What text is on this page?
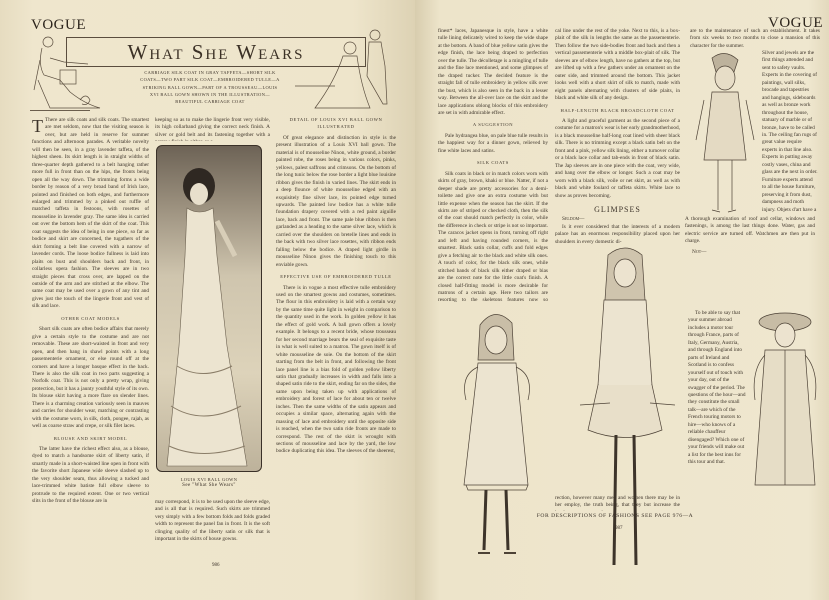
VOGUE
What She Wears
CARRIAGE SILK COAT IN GRAY TAFFETA—SHORT SILK COATS—TWO PART SILK COAT—EMBROIDERED TULLE—A STRIKING BALL GOWN—PART OF A TROUSSEAU—LOUIS XVI BALL GOWN SHOWN IN THE ILLUSTRATION—BEAUTIFUL CARRIAGE COAT

T There are silk coats and silk coats. The smartest are met seldom, now that the visiting season is over, but are held in reserve for summer functions and afternoon parades. A veritable novelty will then be seen, in a gray lavender taffeta, of the highest sheen. Its skirt length is in straight widths of three-quarter depth gathered to a belt hanging rather more full in front than on the hips, the fronts being open all the way down. The trimming forms a wide border by reason of a very broad band of Irish lace, pointed and finished on both edges, and furthermore enlarged and trimmed by a pinked out ruffle of matched taffeta in festoons, with rosettes of mousseline in lavender gray. The same idea is carried out over the bottom hem of the skirt of the coat. This coat suggests the idea of being in one piece, so far as bodice and skirt are concerned, the tugathers of the skirt forming a belt line covered with a narrow of lavender cords. The loose bodice fullness is laid into plaits on bust and shoulders back and front, in collarless opera fashion. The sleeves are in two straight pieces that cross over, are lapped on the outside of the arm and are stitched at the elbow. The same coat may be used over a gown of any tint and gives just the touch of the lingerie front and vest of silk and lace.

OTHER COAT MODELS

Short silk coats are often bodice affairs that merely give a certain style to the costume and are not removable. These are short-waisted in front and very open, and then hang in shawl points with a long passementerie ornament, or else round off at the corners and have a longer basque effect in the back. There is also the silk coat in two parts suggesting a Norfolk coat. This is not only a pretty wrap, giving protection, but it has a jaunty youthful style of its own. Its blouse skirt having a more flare on slender lines. There is a charming creation variously seen in mauves and carries for shoulder wear, matching or contrasting with the costume worn, in silk, cloth, pongee, rajah, as well as coarse straw and crepe, or silk filet laces.

BLOUSE AND SKIRT MODEL

The latter have the richest effect also, as a blouse, dyed to match a handsome skirt of liberty satin, if smartly made in a short-waisted line open in front with the favorite short Japanese wide sleeve slashed up to the very shoulder seam, thus allowing a tucked and lace-trimmed white batiste full elbow sleeve to protrude to the required extent. One or two vertical slits in the front of the blouse are in

keeping so as to make the lingerie front very visible, its high collarband giving the correct neck finish. A silver or gold belt and its fastening together with a

LOUIS XVI BALL GOWN
See "What She Wears"

may correspond, it is to be used upon the sleeve edge, and is all that is required. Such skirts are trimmed very simply with a few bottom folds and folds graded width to represent the panel fan in front. It is the soft clinging quality of the liberty satin or silk that is important in the skirts of house gowns.

DETAIL OF LOUIS XVI BALL GOWN ILLUSTRATED

Of great elegance and distinction in style is the present illustration of a Louis XVI ball gown. The material is of mousseline Ninon, white ground, a border painted robe, the roses being in various colors, pinks, yellows, palest saffrons and crimsons. On the bottom of the long tunic below the rose border a light blue louisine ribbon gives the finish in varied lines. The skirt ends in a deep flounce of white mousseline edged with an exquisitely fine silver lace, its pointed edge turned upwards. The painted low bodice has a white tulle foundation drapery covered with a red paint aiguille lace, back and front. The same pale blue ribbon is then garlanded as a heading to the same silver lace, which is carried over the shoulders on bretelle lines and ends in the back with two silver lace rosettes, with ribbon ends falling below the bodice. A draped light girdle in mousseline Ninon gives the finishing touch to this enviable gown.

EFFECTIVE USE OF EMBROIDERED TULLE

There is in vogue a most effective tulle embroidery used on the smartest gowns and costumes, sometimes. The flour in this embroidery is laid with a certain way by the same time quite light in weight in comparison to the quantity used in the work. In golden yellow it has the effect of gold work. A ball gown offers a lovely example. It belongs to a recent bride, whose trousseau for her second marriage bears the seal of exquisite taste in what is well suited to a matron. The gown itself is of white mousseline de soie. On the bottom of the skirt starting from the belt in front, and following the front lace panel line is a bias fold of golden yellow liberty satin that gradually increases in width and falls into a shaped satin ride to the skirt, ending far on the sides, the same upon being taken up with applications of embroidery and forest of lace for about ten or twelve inches. Then the same widths of the satin appears and occupies a similar space, alternating again with the massing of lace and embroidery until the opposite side is reached, when the two satin ride fronts are made to correspond. The rest of the skirt is wrought with sections of mousseline and lace by the yard, the low bodice duplicating this idea. The sleeves of the sheerest,

986
VOGUE

finest* laces, Japanesque in style, have a white tulle lining delicately wired to keep the wide shape at the bottom. A band of blue yellow satin gives the edge finish, the lace being draped to perfection over the tulle. The décolletage is a mingling of tulle and the fine lace mentioned, and some glimpses of the draped tucker. The decided feature is the straight fall of tulle embroidery in yellow silk over the bust, which is also seen in the back in a lesser way. Between the all-over lace on the skirt and the lace applications oblong blocks of this embroidery are set in with admirable effect.

A SUGGESTION

Pale hydrangea blue, on pale blue tulle results in the happiest way for a dinner gown, relieved by fine white laces and satins.

SILK COATS

Silk coats in black or in match colors worn with skirts of gray, brown, khaki or blue. Natter, if not a deeper shade are pretty accessories for a demi-toilette and give one an extra costume with but little expense when the season has the skirt. If the skirts are of striped or checked cloth, then the silk of the coat should match perfectly in color, while the difference in check or stripe is not so important. The caracos jacket opens in front, turning off right and left and having rounded corners, is the smartest. Black satin collar, cuffs and fold edges give a fetching air to the black and white silk ones. A touch of color, for the black silk ones, while stitched bands of black silk either draped or bias are the correct note for the little coat's finish. A closed half-fitting model is more desirable for matrons of a certain age. Here two tailors are resorting to the skeletons features now so

cal line under the rest of the yoke. Next to this, is a box-plait of the silk in lengths the same as the passementerie. Then follow the two side-bodies front and back and then a vertical passementerie with a middle box-plait of silk. The sleeves are of elbow length, have no gathers at the top, but are lifted up with a few gathers under an ornament on the outer side, and trimmed around the bottom. This jacket looks well with a short skirt of silk to match, made with eight panels alternating with clusters of side plaits, in black and white silk of any design.

HALF-LENGTH BLACK BROADCLOTH COAT

A light and graceful garment as the second piece of a costume for a matron's wear is her early grandmotherhood, is a black mousseline half-long coat lined with sheer black silk. There is no trimming except a black satin belt on the front and a pink, yellow silk lining, either a turnover collar or a black lace collar and tab-ends in front of black satin. The Jap sleeves are in one piece with the coat, very wide, and hang over the elbow or longer. Such a coat may be worn with a black silk, voile or net skirt, as well as with black and white foulard or taffeta skirts. White lace to show as proves becoming.

GLIMPSES

Seldom—

Is it ever considered that the interests of a modern palace has an enormous responsibility placed upon her shoulders in every domestic di-

A thorough examination of roof and cellar, windows and fastenings, is among the last things done. Water, gas and electric service are turned off. Watchmen are then put in charge.

Not—

are to the maintenance of such an establishment. It takes from six weeks to two months to close a mansion of this character for the summer.

Silver and jewels are the first things attended and sent to safety vaults. Experts in the covering of paintings, wall silks, brocade and tapestries and hangings, sideboards as well as bronze work throughout the house, statuary of marble or of bronze, have to be called in. The ceiling fan rugs of great value require experts in that line also. Experts in putting away costly vases, china and glass are the next in order. Furniture experts attend to all the house furniture, preserving it from dust, dampness and moth injury. Objets d'art have a

To be able to say that your summer abroad includes a motor tour through France, parts of Italy, Germany, Austria, and through England into parts of Ireland and Scotland is to confess yourself out of touch with your day, out of the swagger of the period. The questions of the hour—and they constitute the small talk—are which of the French touring motors to hire—who knows of a reliable chauffeur disengaged? Which one of your friends will make out a list for the best inns for this tour and that.

rection, however many men and women there may be in her employ, the truth being, that they but increase the

FOR DESCRIPTIONS OF FASHIONS SEE PAGE 976—A
987
